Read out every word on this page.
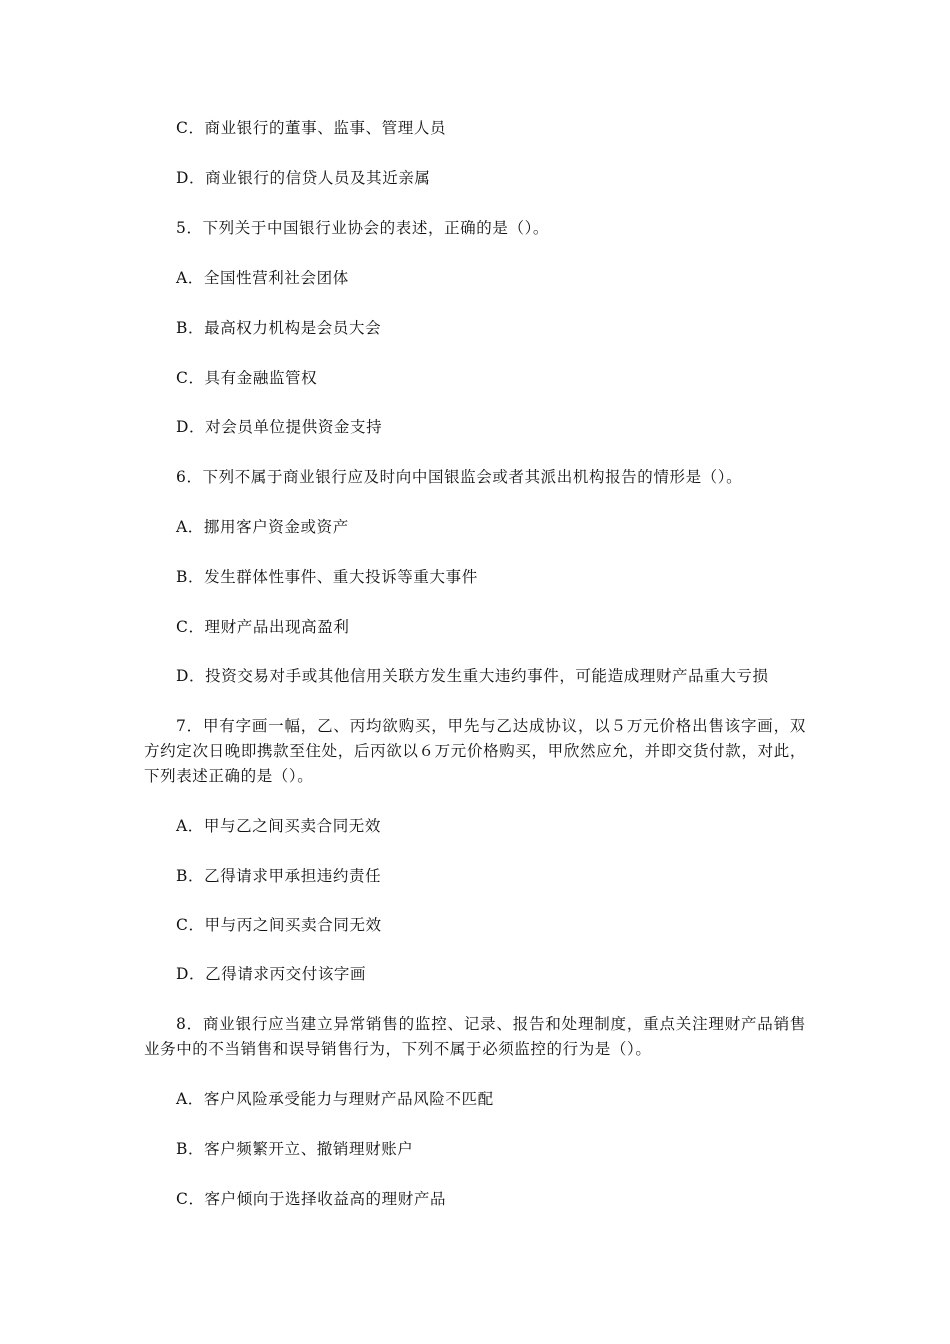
C．商业银行的董事、监事、管理人员
D．商业银行的信贷人员及其近亲属
5．下列关于中国银行业协会的表述，正确的是（）。
A．全国性营利社会团体
B．最高权力机构是会员大会
C．具有金融监管权
D．对会员单位提供资金支持
6．下列不属于商业银行应及时向中国银监会或者其派出机构报告的情形是（）。
A．挪用客户资金或资产
B．发生群体性事件、重大投诉等重大事件
C．理财产品出现高盈利
D．投资交易对手或其他信用关联方发生重大违约事件，可能造成理财产品重大亏损
7．甲有字画一幅，乙、丙均欲购买，甲先与乙达成协议，以５万元价格出售该字画，双方约定次日晚即携款至住处，后丙欲以６万元价格购买，甲欣然应允，并即交货付款，对此，下列表述正确的是（）。
A．甲与乙之间买卖合同无效
B．乙得请求甲承担违约责任
C．甲与丙之间买卖合同无效
D．乙得请求丙交付该字画
8．商业银行应当建立异常销售的监控、记录、报告和处理制度，重点关注理财产品销售业务中的不当销售和误导销售行为，下列不属于必须监控的行为是（）。
A．客户风险承受能力与理财产品风险不匹配
B．客户频繁开立、撤销理财账户
C．客户倾向于选择收益高的理财产品
